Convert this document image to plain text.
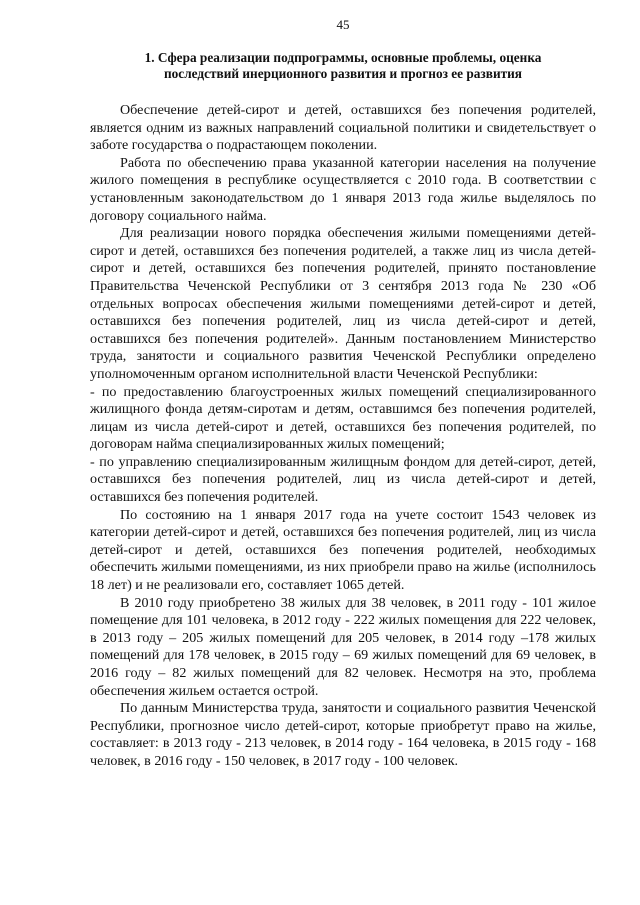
45
1. Сфера реализации подпрограммы, основные проблемы, оценка
последствий инерционного развития и прогноз ее развития

Обеспечение детей-сирот и детей, оставшихся без попечения родителей, является одним из важных направлений социальной политики и свидетельствует о заботе государства о подрастающем поколении.

Работа по обеспечению права указанной категории населения на получение жилого помещения в республике осуществляется с 2010 года. В соответствии с установленным законодательством до 1 января 2013 года жилье выделялось по договору социального найма.

Для реализации нового порядка обеспечения жилыми помещениями детей-сирот и детей, оставшихся без попечения родителей, а также лиц из числа детей-сирот и детей, оставшихся без попечения родителей, принято постановление Правительства Чеченской Республики от 3 сентября 2013 года № 230 «Об отдельных вопросах обеспечения жилыми помещениями детей-сирот и детей, оставшихся без попечения родителей, лиц из числа детей-сирот и детей, оставшихся без попечения родителей». Данным постановлением Министерство труда, занятости и социального развития Чеченской Республики определено уполномоченным органом исполнительной власти Чеченской Республики:

- по предоставлению благоустроенных жилых помещений специализированного жилищного фонда детям-сиротам и детям, оставшимся без попечения родителей, лицам из числа детей-сирот и детей, оставшихся без попечения родителей, по договорам найма специализированных жилых помещений;

- по управлению специализированным жилищным фондом для детей-сирот, детей, оставшихся без попечения родителей, лиц из числа детей-сирот и детей, оставшихся без попечения родителей.

По состоянию на 1 января 2017 года на учете состоит 1543 человек из категории детей-сирот и детей, оставшихся без попечения родителей, лиц из числа детей-сирот и детей, оставшихся без попечения родителей, необходимых обеспечить жилыми помещениями, из них приобрели право на жилье (исполнилось 18 лет) и не реализовали его, составляет 1065 детей.

В 2010 году приобретено 38 жилых для 38 человек, в 2011 году - 101 жилое помещение для 101 человека, в 2012 году - 222 жилых помещения для 222 человек, в 2013 году – 205 жилых помещений для 205 человек, в 2014 году –178 жилых помещений для 178 человек, в 2015 году – 69 жилых помещений для 69 человек, в 2016 году – 82 жилых помещений для 82 человек. Несмотря на это, проблема обеспечения жильем остается острой.

По данным Министерства труда, занятости и социального развития Чеченской Республики, прогнозное число детей-сирот, которые приобретут право на жилье, составляет: в 2013 году - 213 человек, в 2014 году - 164 человека, в 2015 году - 168 человек, в 2016 году - 150 человек, в 2017 году - 100 человек.
